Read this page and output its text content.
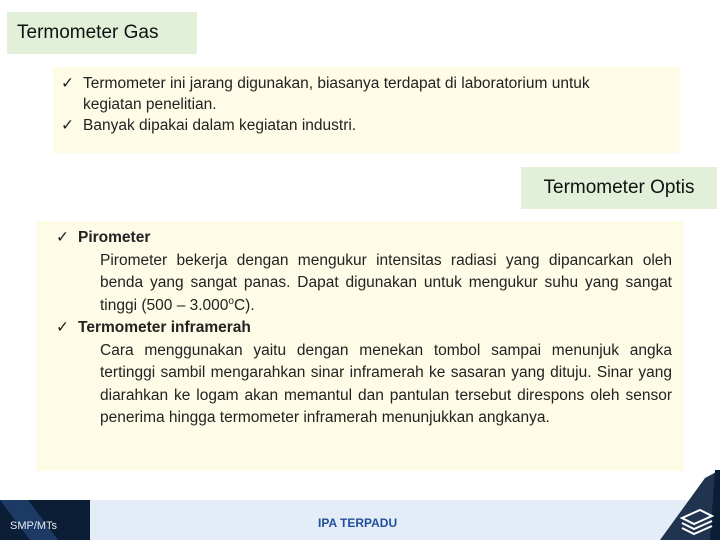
Termometer Gas
✓ Termometer ini jarang digunakan, biasanya terdapat di laboratorium untuk
kegiatan penelitian.
✓ Banyak dipakai dalam kegiatan industri.
Termometer Optis
✓ Pirometer
Pirometer bekerja dengan mengukur intensitas radiasi yang dipancarkan oleh benda yang sangat panas. Dapat digunakan untuk mengukur suhu yang sangat tinggi (500 – 3.000$^o$C).
✓ Termometer inframerah
Cara menggunakan yaitu dengan menekan tombol sampai menunjuk angka tertinggi sambil mengarahkan sinar inframerah ke sasaran yang dituju. Sinar yang diarahkan ke logam akan memantul dan pantulan tersebut direspons oleh sensor penerima hingga termometer inframerah menunjukkan angkanya.
SMP/MTs	IPA TERPADU
